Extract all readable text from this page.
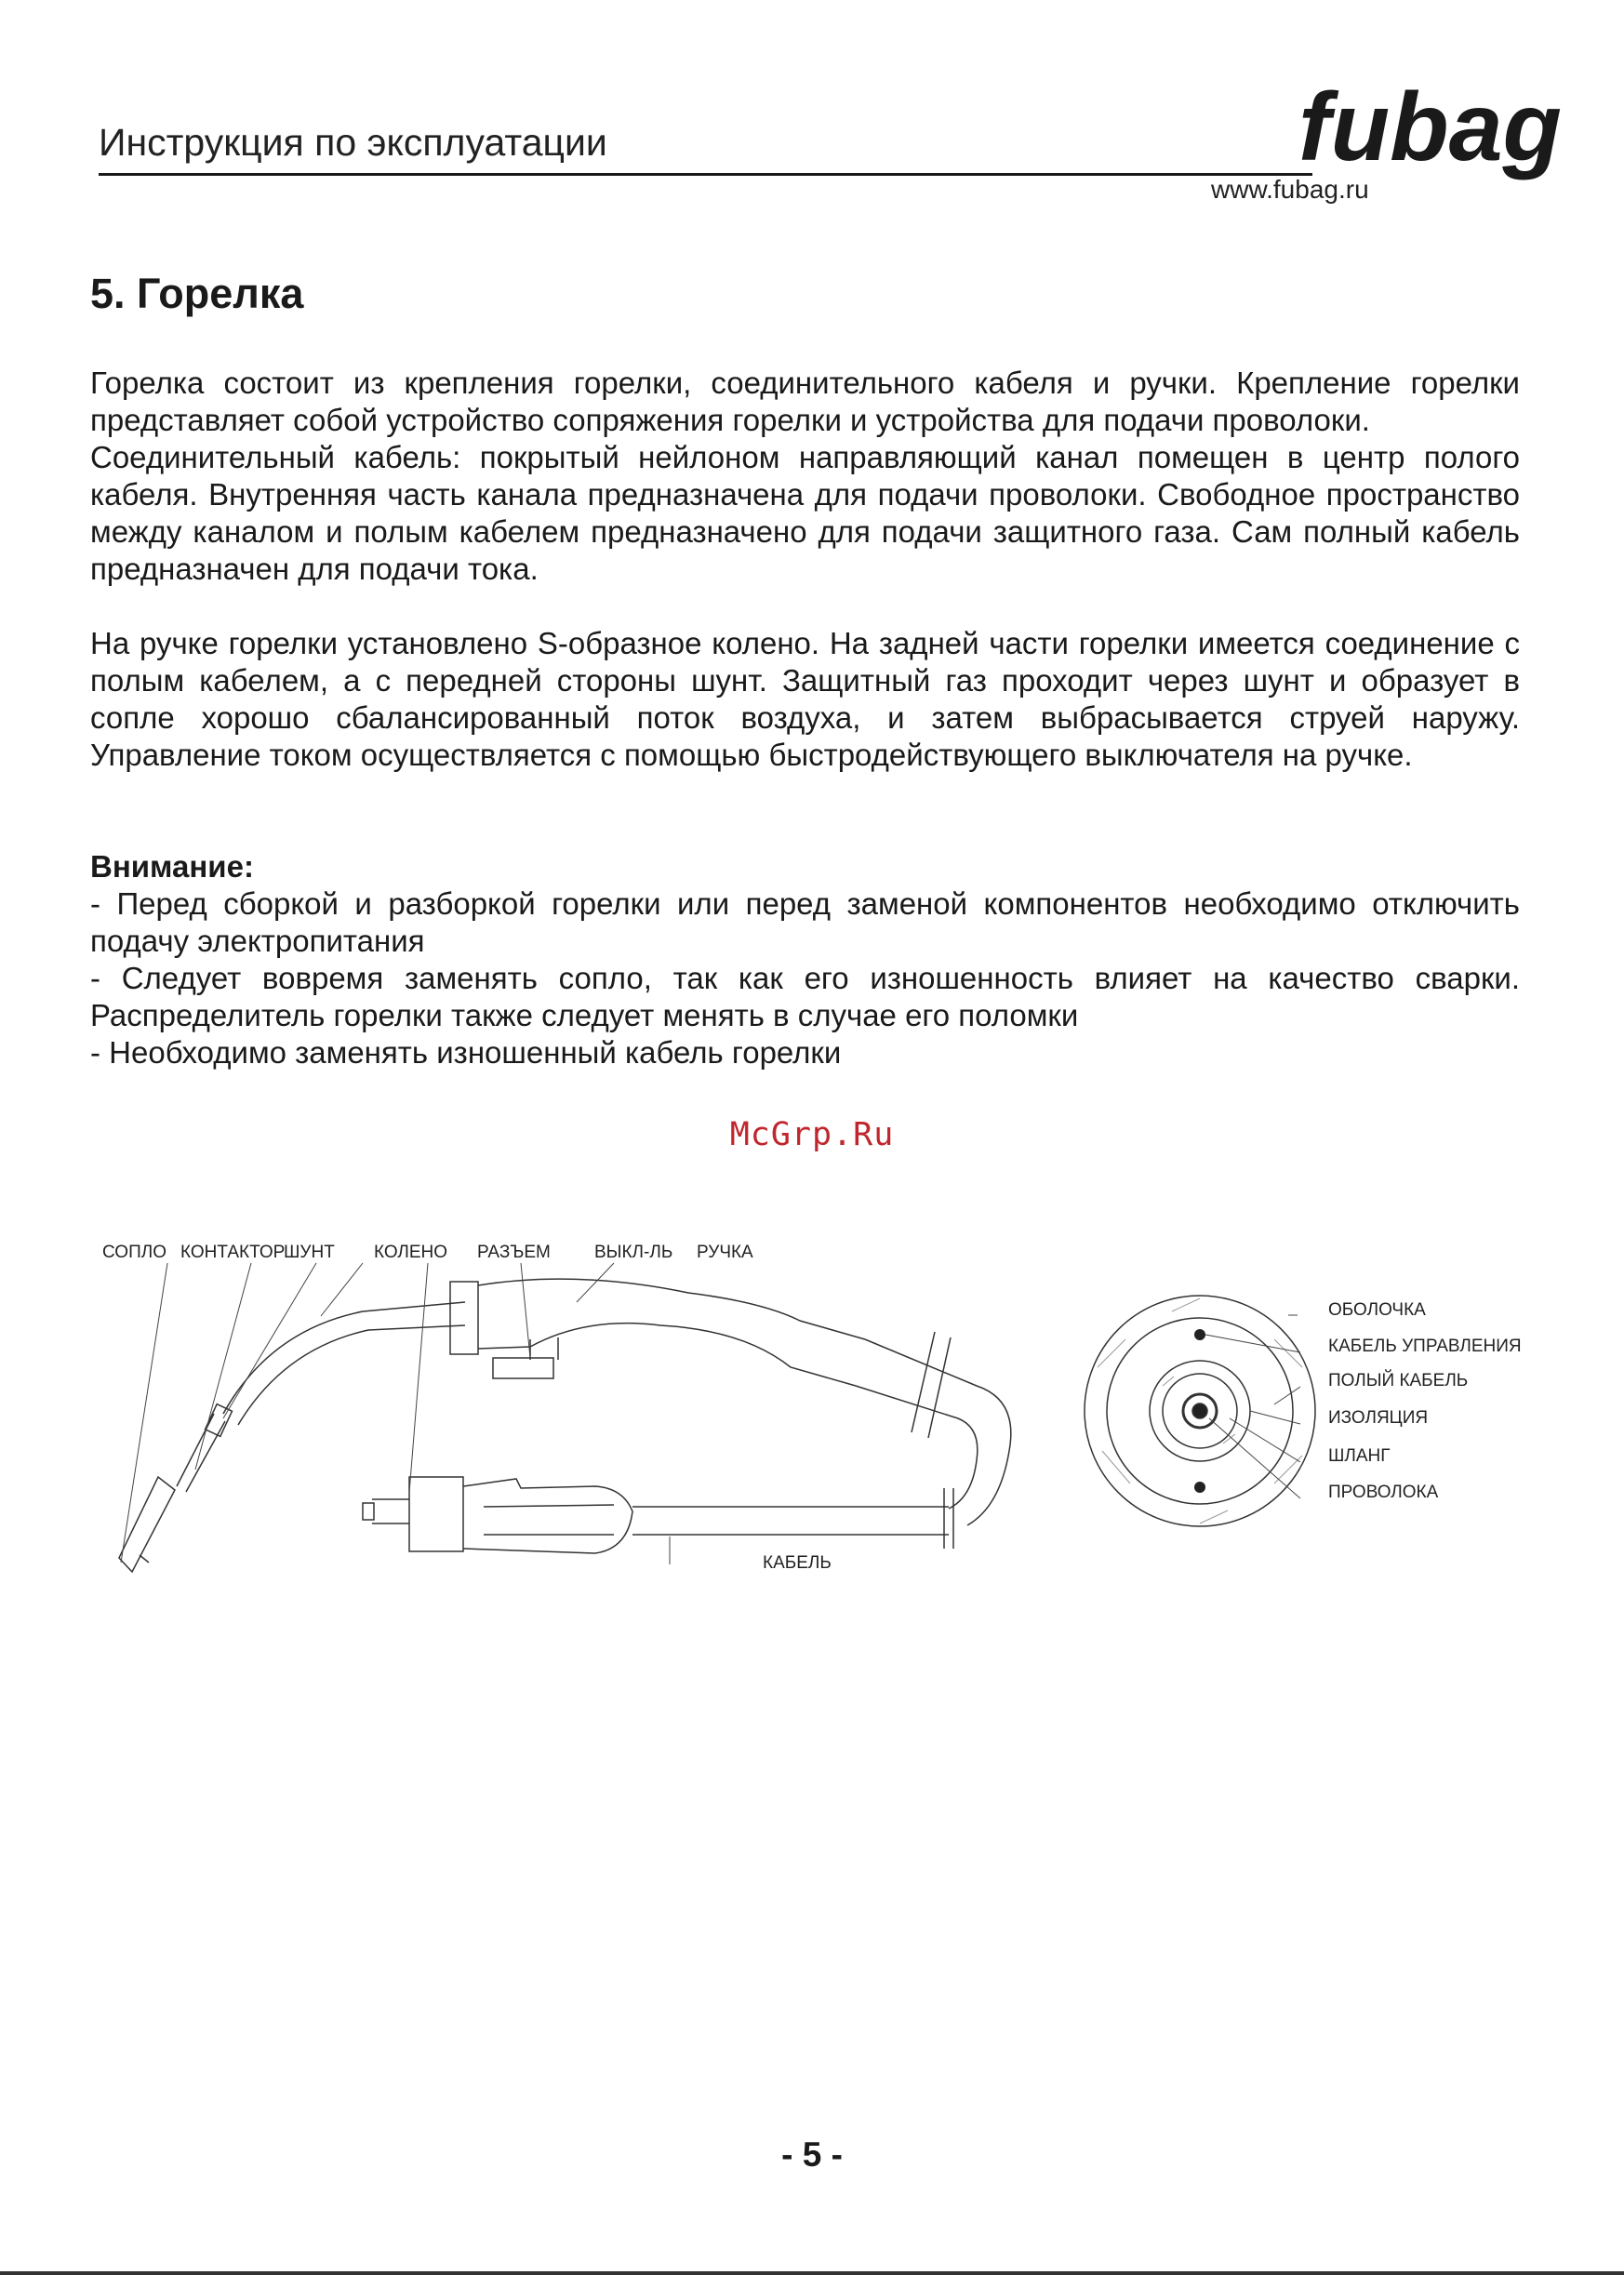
Инструкция по эксплуатации	fubag
www.fubag.ru
5. Горелка

Горелка состоит из крепления горелки, соединительного кабеля и ручки. Крепление горелки представляет собой устройство сопряжения горелки и устройства для подачи проволоки.

Соединительный кабель: покрытый нейлоном направляющий канал помещен в центр полого кабеля. Внутренняя часть канала предназначена для подачи проволоки. Свободное пространство между каналом и полым кабелем предназначено для подачи защитного газа. Сам полный кабель предназначен для подачи тока.

На ручке горелки установлено S-образное колено. На задней части горелки имеется соединение с полым кабелем, а с передней стороны шунт. Защитный газ проходит через шунт и образует в сопле хорошо сбалансированный поток воздуха, и затем выбрасывается струей наружу. Управление током осуществляется с помощью быстродействующего выключателя на ручке.

Внимание:

- Перед сборкой и разборкой горелки или перед заменой компонентов необходимо отключить подачу электропитания

- Следует вовремя заменять сопло, так как его изношенность влияет на качество сварки. Распределитель горелки также следует менять в случае его поломки

- Необходимо заменять изношенный кабель горелки

McGrp.Ru
СОПЛО КОНТАКТОР
ШУНТ КОЛЕНО РАЗЪЕМ ВЫКЛ-ЛЬ РУЧКА
КАБЕЛЬ
ОБОЛОЧКА
КАБЕЛЬ УПРАВЛЕНИЯ
ПОЛЫЙ КАБЕЛЬ
ИЗОЛЯЦИЯ
ШЛАНГ
ПРОВОЛОКА
- 5 -
